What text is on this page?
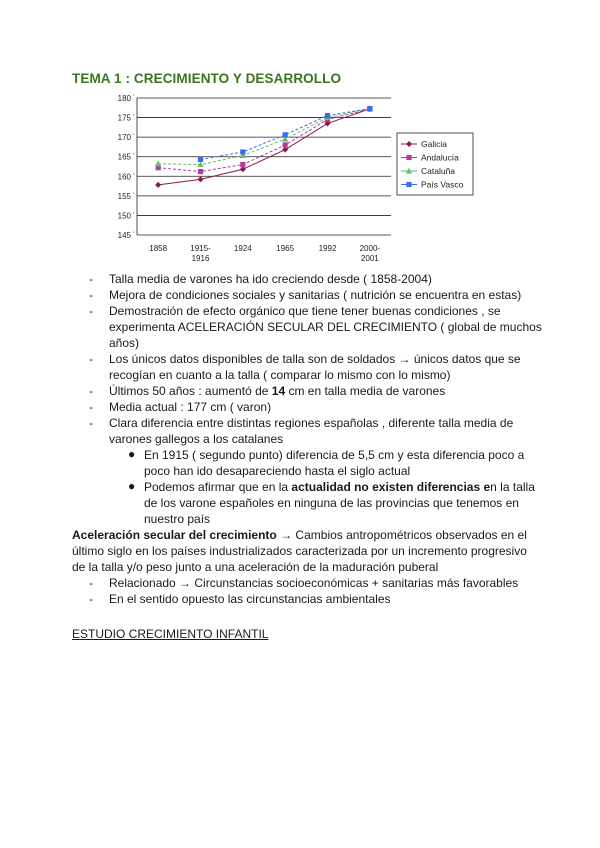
TEMA 1 : CRECIMIENTO Y DESARROLLO
145 '
150 '
155 '
160 '
165 '
170 '
175 '
180 '
1858	1915-1916
1924	1965	1992	2000-2001
Galicia
Andalucía
Cataluña
País Vasco
- Talla media de varones ha ido creciendo desde ( 1858-2004)
- Mejora de condiciones sociales y sanitarias ( nutrición se encuentra en estas)
- Demostración de efecto orgánico que tiene tener buenas condiciones , se experimenta ACELERACIÓN SECULAR DEL CRECIMIENTO ( global de muchos años)
- Los únicos datos disponibles de talla son de soldados → únicos datos que se recogían en cuanto a la talla ( comparar lo mismo con lo mismo)
- Últimos 50 años : aumentó de 14 cm en talla media de varones
- Media actual : 177 cm ( varon)
- Clara diferencia entre distintas regiones españolas , diferente talla media de varones gallegos a los catalanes
● En 1915 ( segundo punto) diferencia de 5,5 cm y esta diferencia poco a poco han ido desapareciendo hasta el siglo actual
● Podemos afirmar que en la actualidad no existen diferencias en la talla de los varone españoles en ninguna de las provincias que tenemos en nuestro país
Aceleración secular del crecimiento → Cambios antropométricos observados en el último siglo en los países industrializados caracterizada por un incremento progresivo de la talla y/o peso junto a una aceleración de la maduración puberal
- Relacionado → Circunstancias socioeconómicas + sanitarias más favorables
- En el sentido opuesto las circunstancias ambientales
ESTUDIO CRECIMIENTO INFANTIL
